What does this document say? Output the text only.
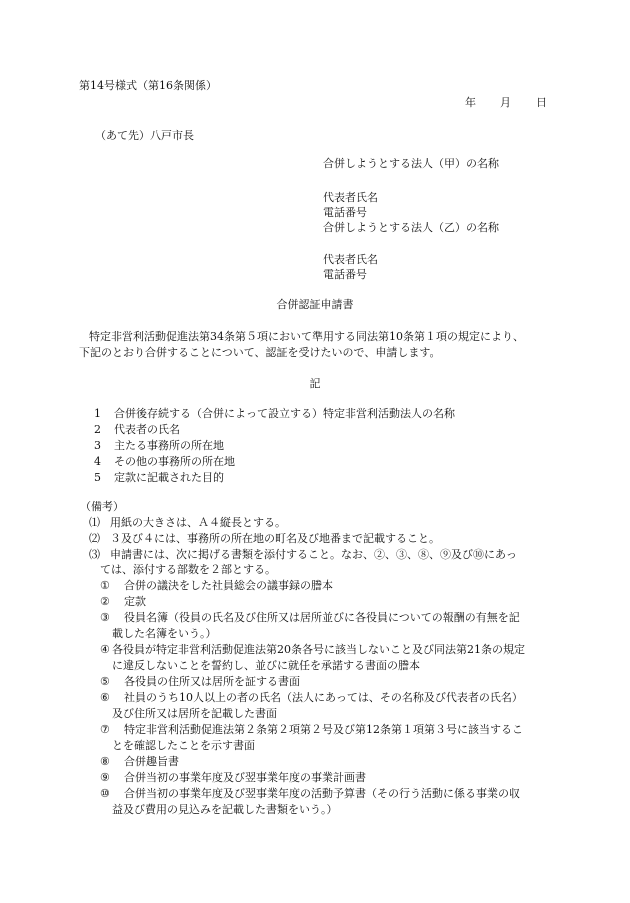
第14号様式（第16条関係）
年 月 日
（あて先）八戸市長
合併しようとする法人（甲）の名称
代表者氏名
電話番号
合併しようとする法人（乙）の名称
代表者氏名
電話番号
合併認証申請書
特定非営利活動促進法第34条第５項において準用する同法第10条第１項の規定により、
下記のとおり合併することについて、認証を受けたいので、申請します。
記
1 合併後存続する（合併によって設立する）特定非営利活動法人の名称
2 代表者の氏名
3 主たる事務所の所在地
4 その他の事務所の所在地
5 定款に記載された目的
（備考）
⑴ 用紙の大きさは、Ａ４縦長とする。
⑵ ３及び４には、事務所の所在地の町名及び地番まで記載すること。
⑶ 申請書には、次に掲げる書類を添付すること。なお、②、③、⑧、⑨及び⑩にあっ
ては、添付する部数を２部とする。
① 合併の議決をした社員総会の議事録の謄本
② 定款
③ 役員名簿（役員の氏名及び住所又は居所並びに各役員についての報酬の有無を記
載した名簿をいう。）
④ 各役員が特定非営利活動促進法第20条各号に該当しないこと及び同法第21条の規定
に違反しないことを誓約し、並びに就任を承諾する書面の謄本
⑤ 各役員の住所又は居所を証する書面
⑥ 社員のうち10人以上の者の氏名（法人にあっては、その名称及び代表者の氏名）
及び住所又は居所を記載した書面
⑦ 特定非営利活動促進法第２条第２項第２号及び第12条第１項第３号に該当するこ
とを確認したことを示す書面
⑧ 合併趣旨書
⑨ 合併当初の事業年度及び翌事業年度の事業計画書
⑩ 合併当初の事業年度及び翌事業年度の活動予算書（その行う活動に係る事業の収
益及び費用の見込みを記載した書類をいう。）
